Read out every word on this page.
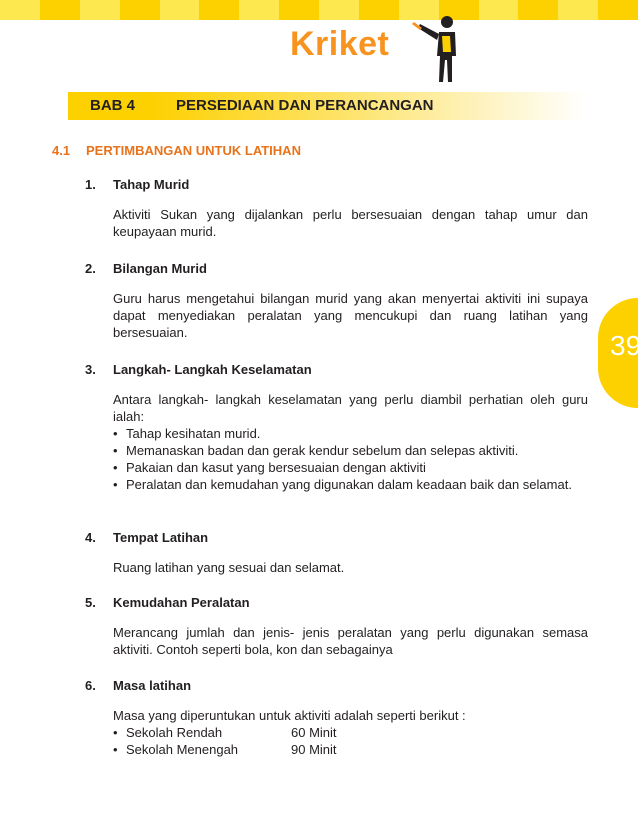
Kriket
BAB 4	PERSEDIAAN DAN PERANCANGAN
4.1 PERTIMBANGAN UNTUK LATIHAN
39
1. Tahap Murid
Aktiviti Sukan yang dijalankan perlu bersesuaian dengan tahap umur dan keupayaan murid.
2. Bilangan Murid
Guru harus mengetahui bilangan murid yang akan menyertai aktiviti ini supaya dapat menyediakan peralatan yang mencukupi dan ruang latihan yang bersesuaian.
3. Langkah- Langkah Keselamatan
Antara langkah- langkah keselamatan yang perlu diambil perhatian oleh guru ialah:
• Tahap kesihatan murid.
• Memanaskan badan dan gerak kendur sebelum dan selepas aktiviti.
• Pakaian dan kasut yang bersesuaian dengan aktiviti
• Peralatan dan kemudahan yang digunakan dalam keadaan baik dan selamat.
4. Tempat Latihan
Ruang latihan yang sesuai dan selamat.
5. Kemudahan Peralatan
Merancang jumlah dan jenis- jenis peralatan yang perlu digunakan semasa aktiviti. Contoh seperti bola, kon dan sebagainya
6. Masa latihan
Masa yang diperuntukan untuk aktiviti adalah seperti berikut :
• Sekolah Rendah	60 Minit
• Sekolah Menengah	90 Minit
